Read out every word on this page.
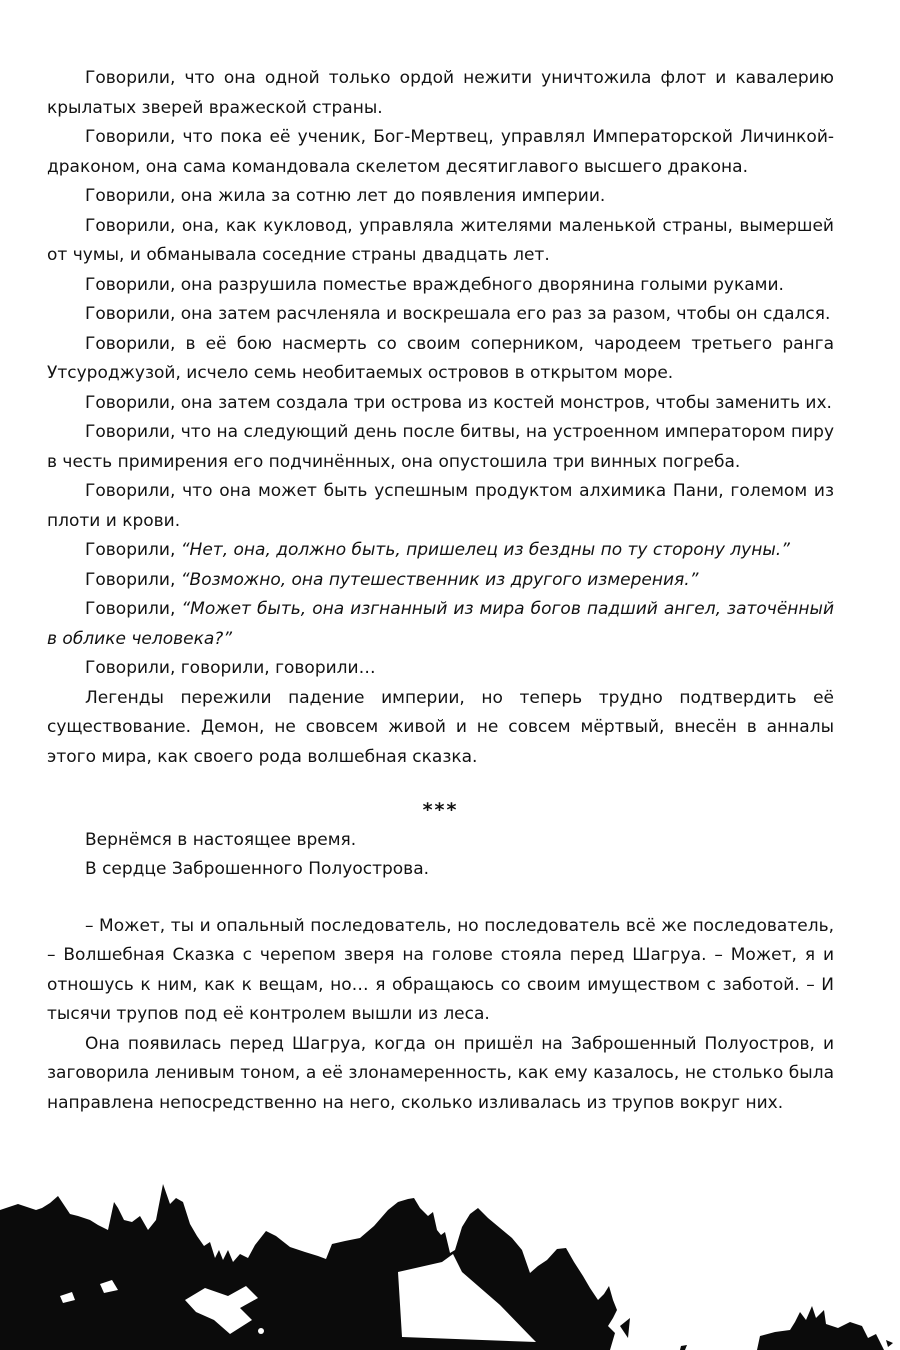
Говорили, что она одной только ордой нежити уничтожила флот и кавалерию крылатых зверей вражеской страны.

Говорили, что пока её ученик, Бог-Мертвец, управлял Императорской Личинкой-драконом, она сама командовала скелетом десятиглавого высшего дракона.

Говорили, она жила за сотню лет до появления империи.

Говорили, она, как кукловод, управляла жителями маленькой страны, вымершей от чумы, и обманывала соседние страны двадцать лет.

Говорили, она разрушила поместье враждебного дворянина голыми руками.

Говорили, она затем расчленяла и воскрешала его раз за разом, чтобы он сдался.

Говорили, в её бою насмерть со своим соперником, чародеем третьего ранга Утсуроджузой, исчело семь необитаемых островов в открытом море.

Говорили, она затем создала три острова из костей монстров, чтобы заменить их.

Говорили, что на следующий день после битвы, на устроенном императором пиру в честь примирения его подчинённых, она опустошила три винных погреба.

Говорили, что она может быть успешным продуктом алхимика Пани, големом из плоти и крови.

Говорили, “Нет, она, должно быть, пришелец из бездны по ту сторону луны.”

Говорили, “Возможно, она путешественник из другого измерения.”

Говорили, “Может быть, она изгнанный из мира богов падший ангел, заточённый в облике человека?”

Говорили, говорили, говорили…

Легенды пережили падение империи, но теперь трудно подтвердить её существование. Демон, не свовсем живой и не совсем мёртвый, внесён в анналы этого мира, как своего рода волшебная сказка.

***

Вернёмся в настоящее время.

В сердце Заброшенного Полуострова.

– Может, ты и опальный последователь, но последователь всё же последователь, – Волшебная Сказка с черепом зверя на голове стояла перед Шагруа. – Может, я и отношусь к ним, как к вещам, но… я обращаюсь со своим имуществом с заботой. – И тысячи трупов под её контролем вышли из леса.

Она появилась перед Шагруа, когда он пришёл на Заброшенный Полуостров, и заговорила ленивым тоном, а её злонамеренность, как ему казалось, не столько была направлена непосредственно на него, сколько изливалась из трупов вокруг них.
